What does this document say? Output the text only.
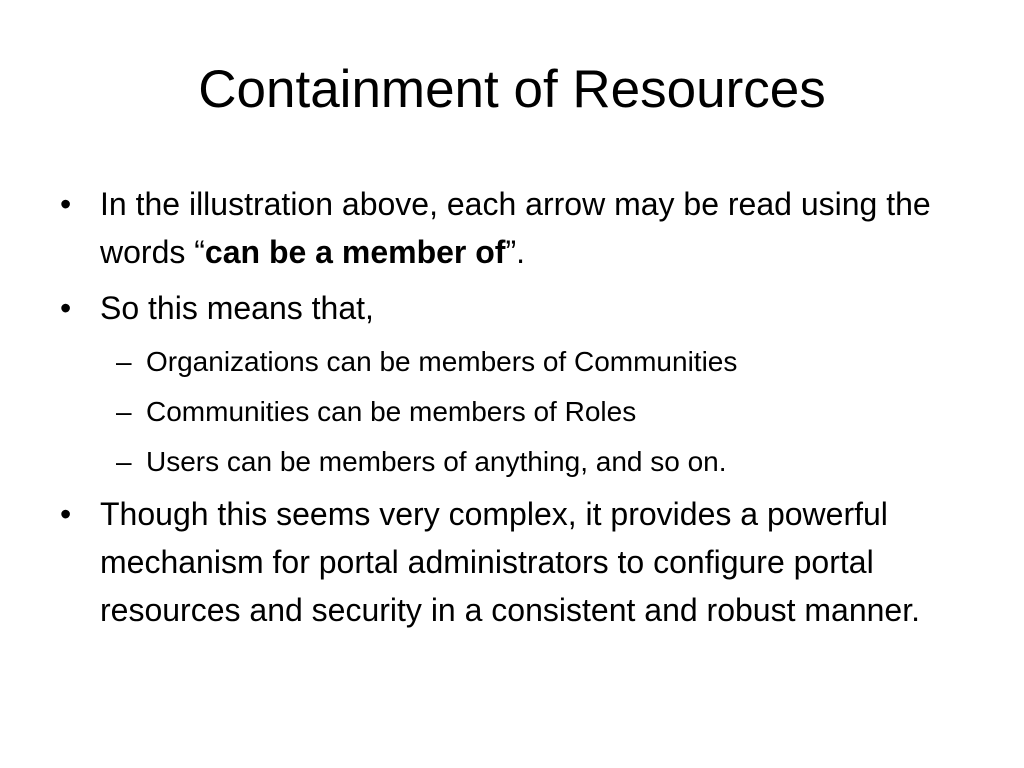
Containment of Resources
• In the illustration above, each arrow may be read using the words “can be a member of”.
• So this means that,
– Organizations can be members of Communities
– Communities can be members of Roles
– Users can be members of anything, and so on.
• Though this seems very complex, it provides a powerful mechanism for portal administrators to configure portal resources and security in a consistent and robust manner.
